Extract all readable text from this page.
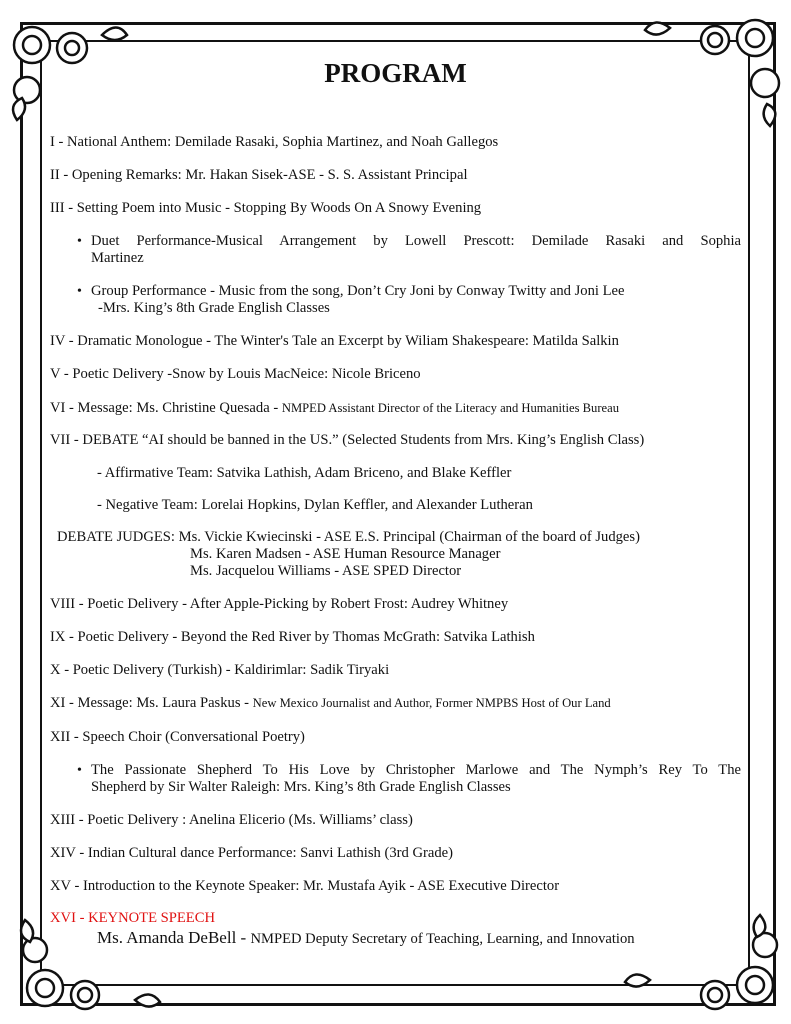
PROGRAM
I - National Anthem: Demilade Rasaki, Sophia Martinez, and Noah Gallegos
II - Opening Remarks: Mr. Hakan Sisek-ASE - S. S. Assistant Principal
III - Setting Poem into Music - Stopping By Woods On A Snowy Evening
• Duet Performance-Musical Arrangement by Lowell Prescott: Demilade Rasaki and Sophia
Martinez
• Group Performance - Music from the song, Don’t Cry Joni by Conway Twitty and Joni Lee
-Mrs. King’s 8th Grade English Classes
IV - Dramatic Monologue - The Winter's Tale an Excerpt by Wiliam Shakespeare: Matilda Salkin
V - Poetic Delivery -Snow by Louis MacNeice: Nicole Briceno
VI - Message: Ms. Christine Quesada - NMPED Assistant Director of the Literacy and Humanities Bureau
VII - DEBATE “AI should be banned in the US.” (Selected Students from Mrs. King’s English Class)
- Affirmative Team: Satvika Lathish, Adam Briceno, and Blake Keffler
- Negative Team: Lorelai Hopkins, Dylan Keffler, and Alexander Lutheran
DEBATE JUDGES: Ms. Vickie Kwiecinski - ASE E.S. Principal (Chairman of the board of Judges)
Ms. Karen Madsen - ASE Human Resource Manager
Ms. Jacquelou Williams - ASE SPED Director
VIII - Poetic Delivery - After Apple-Picking by Robert Frost: Audrey Whitney
IX - Poetic Delivery - Beyond the Red River by Thomas McGrath: Satvika Lathish
X - Poetic Delivery (Turkish) - Kaldirimlar: Sadik Tiryaki
XI - Message: Ms. Laura Paskus - New Mexico Journalist and Author, Former NMPBS Host of Our Land
XII - Speech Choir (Conversational Poetry)
• The Passionate Shepherd To His Love by Christopher Marlowe and The Nymph’s Rey To The
Shepherd by Sir Walter Raleigh: Mrs. King’s 8th Grade English Classes
XIII - Poetic Delivery : Anelina Elicerio (Ms. Williams’ class)
XIV - Indian Cultural dance Performance: Sanvi Lathish (3rd Grade)
XV - Introduction to the Keynote Speaker: Mr. Mustafa Ayik - ASE Executive Director
XVI - KEYNOTE SPEECH
Ms. Amanda DeBell - NMPED Deputy Secretary of Teaching, Learning, and Innovation
